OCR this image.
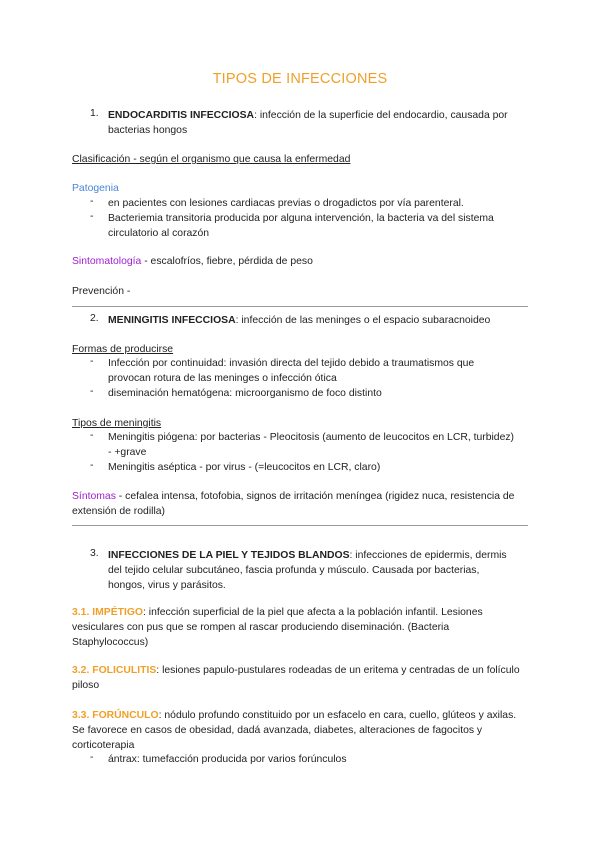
TIPOS DE INFECCIONES
1. ENDOCARDITIS INFECCIOSA: infección de la superficie del endocardio, causada por bacterias hongos

Clasificación - según el organismo que causa la enfermedad

Patogenia

- en pacientes con lesiones cardiacas previas o drogadictos por vía parenteral.

- Bacteriemia transitoria producida por alguna intervención, la bacteria va del sistema circulatorio al corazón

Sintomatología - escalofríos, fiebre, pérdida de peso

Prevención -

2. MENINGITIS INFECCIOSA: infección de las meninges o el espacio subaracnoideo

Formas de producirse

- Infección por continuidad: invasión directa del tejido debido a traumatismos que provocan rotura de las meninges o infección ótica

- diseminación hematógena: microorganismo de foco distinto

Tipos de meningitis

- Meningitis piógena: por bacterias - Pleocitosis (aumento de leucocitos en LCR, turbidez) - +grave

- Meningitis aséptica - por virus - (=leucocitos en LCR, claro)

Síntomas - cefalea intensa, fotofobia, signos de irritación meníngea (rigidez nuca, resistencia de extensión de rodilla)

3. INFECCIONES DE LA PIEL Y TEJIDOS BLANDOS: infecciones de epidermis, dermis del tejido celular subcutáneo, fascia profunda y músculo. Causada por bacterias, hongos, virus y parásitos.

3.1. IMPÉTIGO: infección superficial de la piel que afecta a la población infantil. Lesiones vesiculares con pus que se rompen al rascar produciendo diseminación. (Bacteria Staphylococcus)

3.2. FOLICULITIS: lesiones papulo-pustulares rodeadas de un eritema y centradas de un folículo piloso

3.3. FORÚNCULO: nódulo profundo constituido por un esfacelo en cara, cuello, glúteos y axilas. Se favorece en casos de obesidad, dadá avanzada, diabetes, alteraciones de fagocitos y corticoterapia

- ántrax: tumefacción producida por varios forúnculos
